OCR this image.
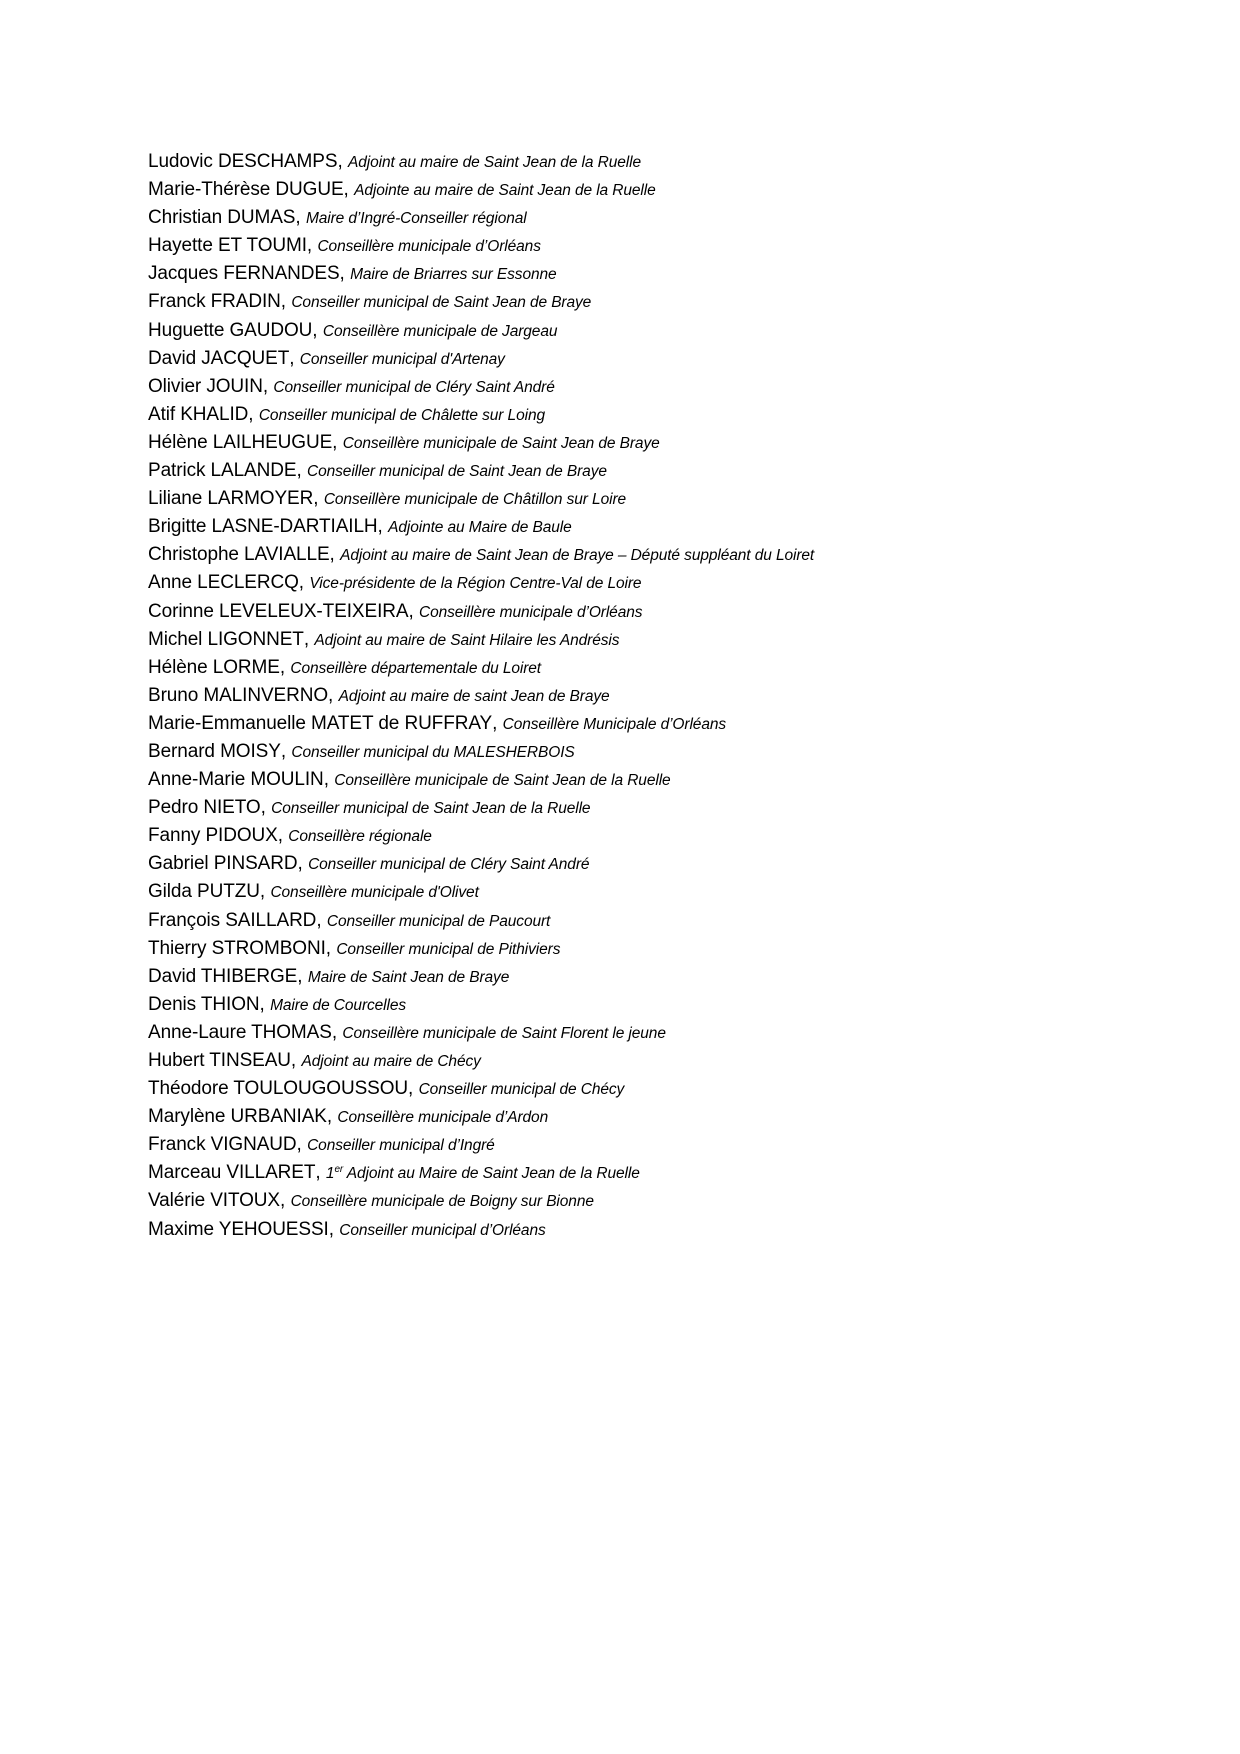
Ludovic DESCHAMPS, Adjoint au maire de Saint Jean de la Ruelle
Marie-Thérèse DUGUE, Adjointe au maire de Saint Jean de la Ruelle
Christian DUMAS, Maire d’Ingré-Conseiller régional
Hayette ET TOUMI, Conseillère municipale d’Orléans
Jacques FERNANDES, Maire de Briarres sur Essonne
Franck FRADIN, Conseiller municipal de Saint Jean de Braye
Huguette GAUDOU, Conseillère municipale de Jargeau
David JACQUET, Conseiller municipal d'Artenay
Olivier JOUIN, Conseiller municipal de Cléry Saint André
Atif KHALID, Conseiller municipal de Châlette sur Loing
Hélène LAILHEUGUE, Conseillère municipale de Saint Jean de Braye
Patrick LALANDE, Conseiller municipal de Saint Jean de Braye
Liliane LARMOYER, Conseillère municipale de Châtillon sur Loire
Brigitte LASNE-DARTIAILH, Adjointe au Maire de Baule
Christophe LAVIALLE, Adjoint au maire de Saint Jean de Braye – Député suppléant du Loiret
Anne LECLERCQ, Vice-présidente de la Région Centre-Val de Loire
Corinne LEVELEUX-TEIXEIRA, Conseillère municipale d’Orléans
Michel LIGONNET, Adjoint au maire de Saint Hilaire les Andrésis
Hélène LORME, Conseillère départementale du Loiret
Bruno MALINVERNO, Adjoint au maire de saint Jean de Braye
Marie-Emmanuelle MATET de RUFFRAY, Conseillère Municipale d’Orléans
Bernard MOISY, Conseiller municipal du MALESHERBOIS
Anne-Marie MOULIN, Conseillère municipale de Saint Jean de la Ruelle
Pedro NIETO, Conseiller municipal de Saint Jean de la Ruelle
Fanny PIDOUX, Conseillère régionale
Gabriel PINSARD, Conseiller municipal de Cléry Saint André
Gilda PUTZU, Conseillère municipale d'Olivet
François SAILLARD, Conseiller municipal de Paucourt
Thierry STROMBONI, Conseiller municipal de Pithiviers
David THIBERGE, Maire de Saint Jean de Braye
Denis THION, Maire de Courcelles
Anne-Laure THOMAS, Conseillère municipale de Saint Florent le jeune
Hubert TINSEAU, Adjoint au maire de Chécy
Théodore TOULOUGOUSSOU, Conseiller municipal de Chécy
Marylène URBANIAK, Conseillère municipale d’Ardon
Franck VIGNAUD, Conseiller municipal d’Ingré
Marceau VILLARET, 1er Adjoint au Maire de Saint Jean de la Ruelle
Valérie VITOUX, Conseillère municipale de Boigny sur Bionne
Maxime YEHOUESSI, Conseiller municipal d’Orléans
